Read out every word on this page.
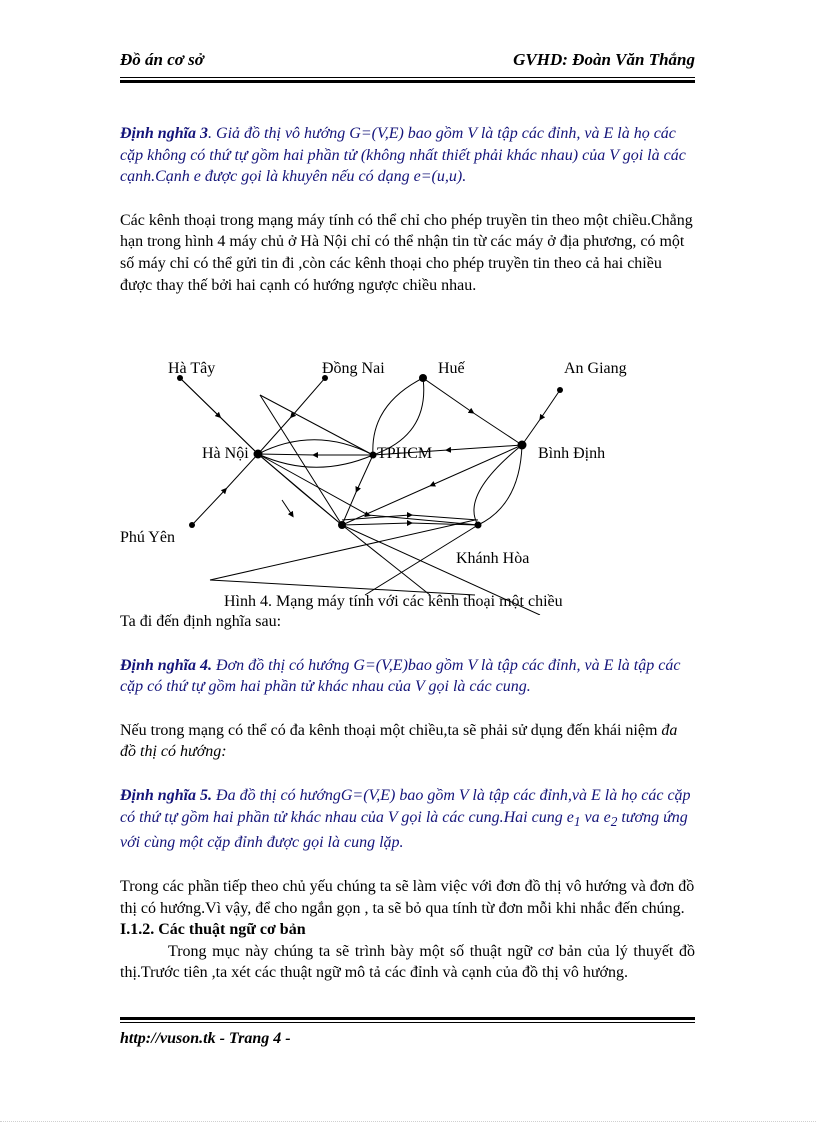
Đồ án cơ sở	GVHD: Đoàn Văn Thắng

Định nghĩa 3. Giả đồ thị vô hướng G=(V,E) bao gồm V là tập các đỉnh, và E là họ các cặp không có thứ tự gồm hai phần tử (không nhất thiết phải khác nhau) của V gọi là các cạnh.Cạnh e được gọi là khuyên nếu có dạng e=(u,u).

Các kênh thoại trong mạng máy tính có thể chỉ cho phép truyền tin theo một chiều.Chẳng hạn trong hình 4 máy chủ ở Hà Nội chỉ có thể nhận tin từ các máy ở địa phương, có một số máy chỉ có thể gửi tin đi ,còn các kênh thoại cho phép truyền tin theo cả hai chiều được thay thế bởi hai cạnh có hướng ngược chiều nhau.

Hà Tây	Đồng Nai	Huế	An Giang
Hà Nội	TPHCM	Bình Định
Phú Yên
Khánh Hòa
Hình 4. Mạng máy tính với các kênh thoại một chiều

Ta đi đến định nghĩa sau:

Định nghĩa 4. Đơn đồ thị có hướng G=(V,E)bao gồm V là tập các đỉnh, và E là tập các cặp có thứ tự gồm hai phần tử khác nhau của V gọi là các cung.

Nếu trong mạng có thể có đa kênh thoại một chiều,ta sẽ phải sử dụng đến khái niệm đa đồ thị có hướng:

Định nghĩa 5. Đa đồ thị có hướngG=(V,E) bao gồm V là tập các đỉnh,và E là họ các cặp có thứ tự gồm hai phần tử khác nhau của V gọi là các cung.Hai cung $e_1$ va $e_2$ tương ứng với cùng một cặp đỉnh được gọi là cung lặp.

Trong các phần tiếp theo chủ yếu chúng ta sẽ làm việc với đơn đồ thị vô hướng và đơn đồ thị có hướng.Vì vậy, để cho ngắn gọn , ta sẽ bỏ qua tính từ đơn mỗi khi nhắc đến chúng.

I.1.2. Các thuật ngữ cơ bản

Trong mục này chúng ta sẽ trình bày một số thuật ngữ cơ bản của lý thuyết đồ thị.Trước tiên ,ta xét các thuật ngữ mô tả các đỉnh và cạnh của đồ thị vô hướng.

http://vuson.tk - Trang 4 -
